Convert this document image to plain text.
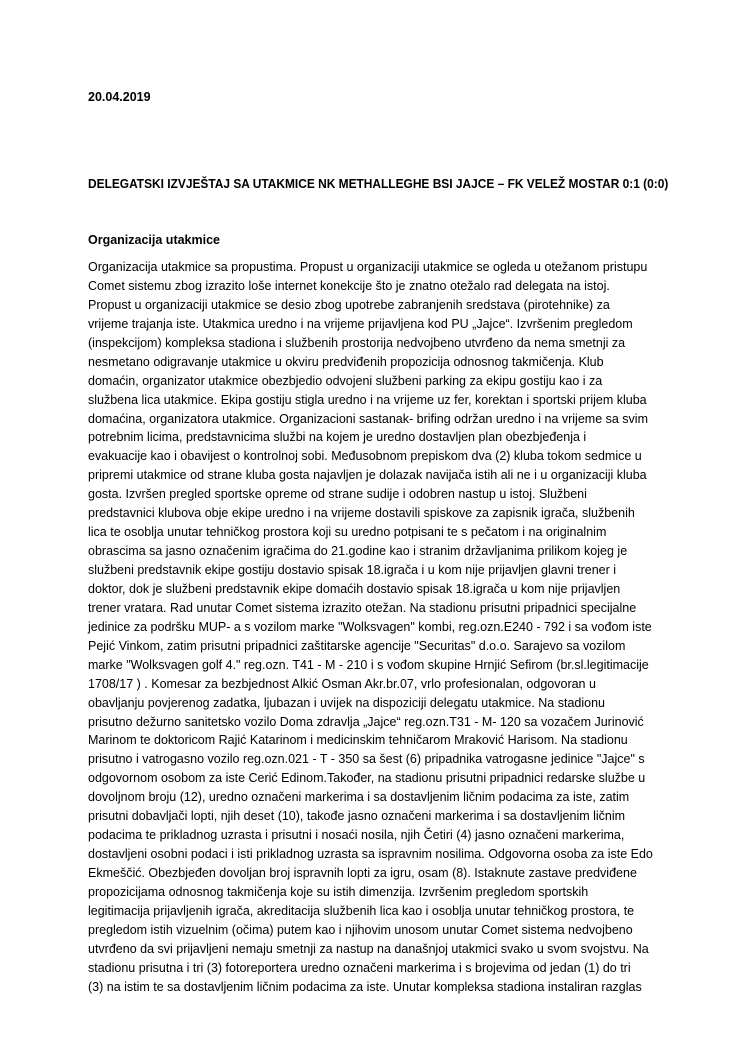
20.04.2019
DELEGATSKI IZVJEŠTAJ SA UTAKMICE NK METHALLEGHE BSI JAJCE – FK VELEŽ MOSTAR 0:1 (0:0)
Organizacija utakmice
Organizacija utakmice sa propustima. Propust u organizaciji utakmice se ogleda u otežanom pristupu
Comet sistemu zbog izrazito loše internet konekcije što je znatno otežalo rad delegata na istoj.
Propust u organizaciji utakmice se desio zbog upotrebe zabranjenih sredstava (pirotehnike) za
vrijeme trajanja iste. Utakmica uredno i na vrijeme prijavljena kod PU „Jajce“. Izvršenim pregledom
(inspekcijom) kompleksa stadiona i službenih prostorija nedvojbeno utvrđeno da nema smetnji za
nesmetano odigravanje utakmice u okviru predviđenih propozicija odnosnog takmičenja. Klub
domaćin, organizator utakmice obezbjedio odvojeni službeni parking za ekipu gostiju kao i za
službena lica utakmice. Ekipa gostiju stigla uredno i na vrijeme uz fer, korektan i sportski prijem kluba
domaćina, organizatora utakmice. Organizacioni sastanak- brifing održan uredno i na vrijeme sa svim
potrebnim licima, predstavnicima službi na kojem je uredno dostavljen plan obezbjeđenja i
evakuacije kao i obavijest o kontrolnoj sobi. Međusobnom prepiskom dva (2) kluba tokom sedmice u
pripremi utakmice od strane kluba gosta najavljen je dolazak navijača istih ali ne i u organizaciji kluba
gosta. Izvršen pregled sportske opreme od strane sudije i odobren nastup u istoj. Službeni
predstavnici klubova obje ekipe uredno i na vrijeme dostavili spiskove za zapisnik igrača, službenih
lica te osoblja unutar tehničkog prostora koji su uredno potpisani te s pečatom i na originalnim
obrascima sa jasno označenim igračima do 21.godine kao i stranim državljanima prilikom kojeg je
službeni predstavnik ekipe gostiju dostavio spisak 18.igrača i u kom nije prijavljen glavni trener i
doktor, dok je službeni predstavnik ekipe domaćih dostavio spisak 18.igrača u kom nije prijavljen
trener vratara. Rad unutar Comet sistema izrazito otežan. Na stadionu prisutni pripadnici specijalne
jedinice za podršku MUP- a s vozilom marke "Wolksvagen" kombi, reg.ozn.E240 - 792 i sa vođom iste
Pejić Vinkom, zatim prisutni pripadnici zaštitarske agencije "Securitas" d.o.o. Sarajevo sa vozilom
marke "Wolksvagen golf 4." reg.ozn. T41 - M - 210 i s vođom skupine Hrnjić Sefirom (br.sl.legitimacije
1708/17 ) . Komesar za bezbjednost Alkić Osman Akr.br.07, vrlo profesionalan, odgovoran u
obavljanju povjerenog zadatka, ljubazan i uvijek na dispoziciji delegatu utakmice. Na stadionu
prisutno dežurno sanitetsko vozilo Doma zdravlja „Jajce“ reg.ozn.T31 - M- 120 sa vozačem Jurinović
Marinom te doktoricom Rajić Katarinom i medicinskim tehničarom Mraković Harisom. Na stadionu
prisutno i vatrogasno vozilo reg.ozn.021 - T - 350 sa šest (6) pripadnika vatrogasne jedinice "Jajce" s
odgovornom osobom za iste Cerić Edinom.Također, na stadionu prisutni pripadnici redarske službe u
dovoljnom broju (12), uredno označeni markerima i sa dostavljenim ličnim podacima za iste, zatim
prisutni dobavljači lopti, njih deset (10), takođe jasno označeni markerima i sa dostavljenim ličnim
podacima te prikladnog uzrasta i prisutni i nosaći nosila, njih Četiri (4) jasno označeni markerima,
dostavljeni osobni podaci i isti prikladnog uzrasta sa ispravnim nosilima. Odgovorna osoba za iste Edo
Ekmeščić. Obezbjeđen dovoljan broj ispravnih lopti za igru, osam (8). Istaknute zastave predviđene
propozicijama odnosnog takmičenja koje su istih dimenzija. Izvršenim pregledom sportskih
legitimacija prijavljenih igrača, akreditacija službenih lica kao i osoblja unutar tehničkog prostora, te
pregledom istih vizuelnim (očima) putem kao i njihovim unosom unutar Comet sistema nedvojbeno
utvrđeno da svi prijavljeni nemaju smetnji za nastup na današnjoj utakmici svako u svom svojstvu. Na
stadionu prisutna i tri (3) fotoreportera uredno označeni markerima i s brojevima od jedan (1) do tri
(3) na istim te sa dostavljenim ličnim podacima za iste. Unutar kompleksa stadiona instaliran razglas
